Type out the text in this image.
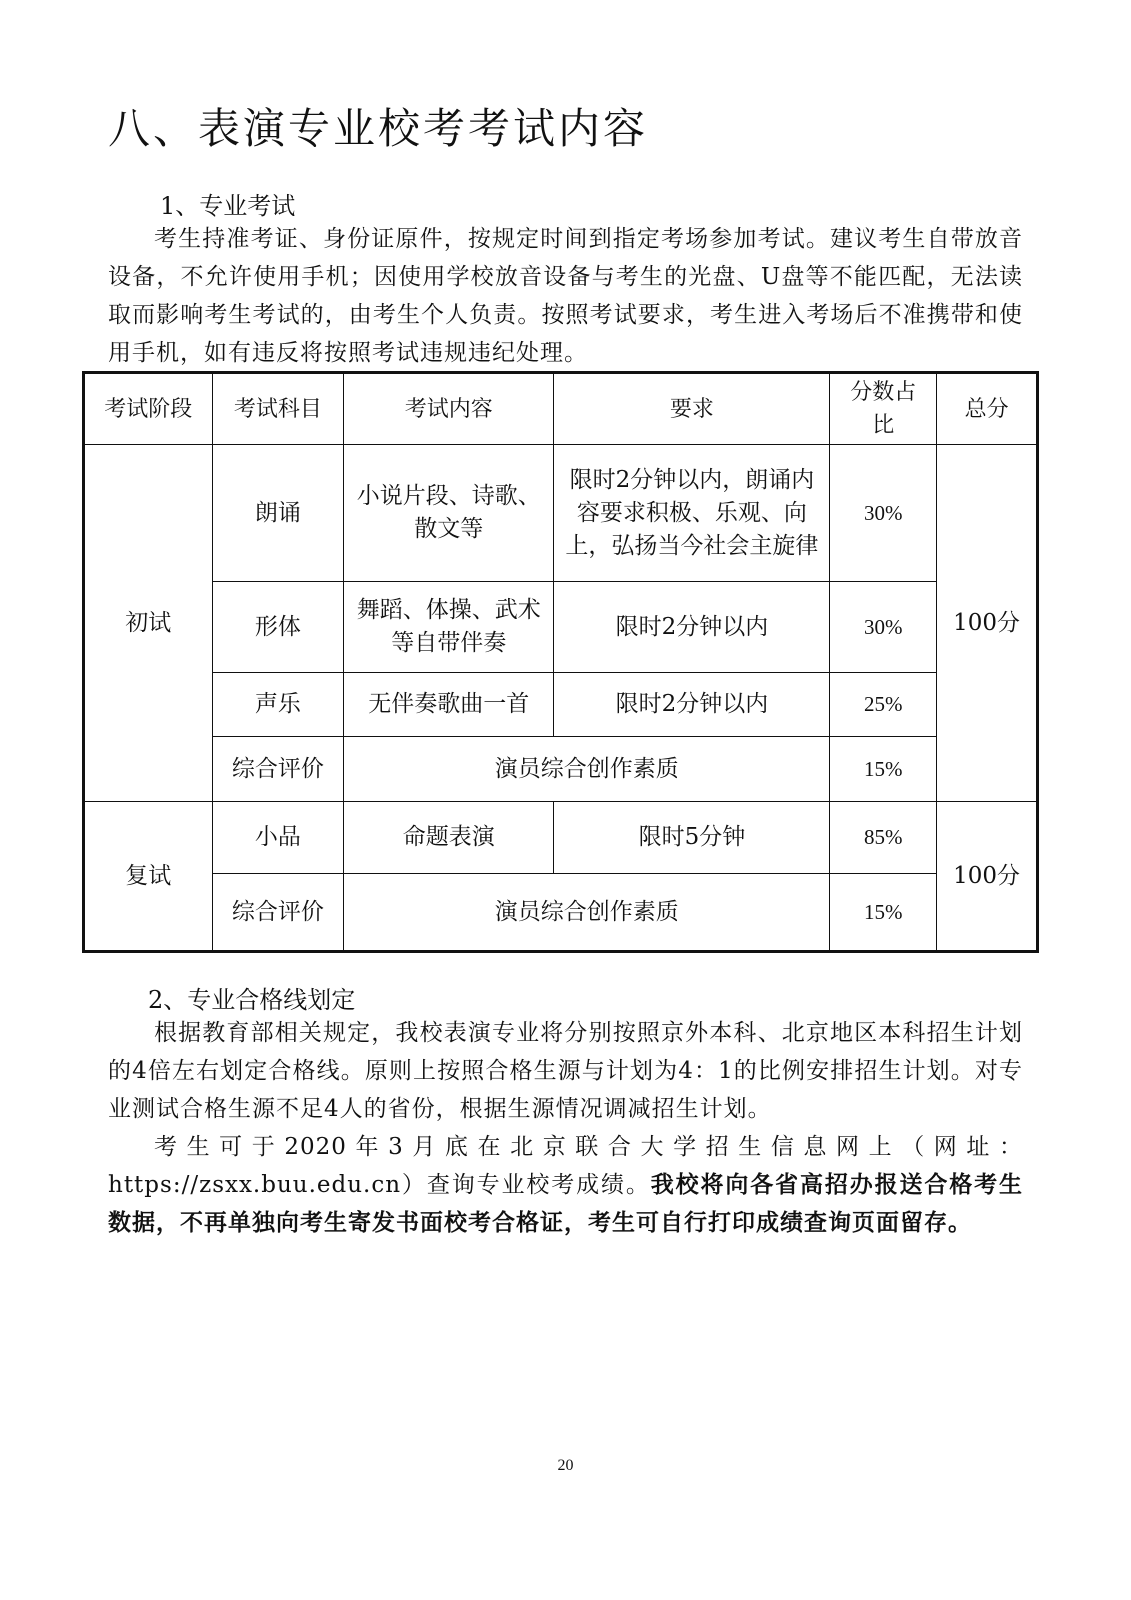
八、表演专业校考考试内容
1、专业考试

考生持准考证、身份证原件，按规定时间到指定考场参加考试。建议考生自带放音设备，不允许使用手机；因使用学校放音设备与考生的光盘、U盘等不能匹配，无法读取而影响考生考试的，由考生个人负责。按照考试要求，考生进入考场后不准携带和使用手机，如有违反将按照考试违规违纪处理。

考试阶段	考试科目	考试内容	要求	分数占比	总分
初试	朗诵	小说片段、诗歌、散文等	限时2分钟以内，朗诵内容要求积极、乐观、向上，弘扬当今社会主旋律	30%	100分
	形体	舞蹈、体操、武术等自带伴奏	限时2分钟以内	30%	
	声乐	无伴奏歌曲一首	限时2分钟以内	25%	
	综合评价	演员综合创作素质		15%	
复试	小品	命题表演	限时5分钟	85%	100分
	综合评价	演员综合创作素质		15%	
2、专业合格线划定

根据教育部相关规定，我校表演专业将分别按照京外本科、北京地区本科招生计划的4倍左右划定合格线。原则上按照合格生源与计划为4：1的比例安排招生计划。对专业测试合格生源不足4人的省份，根据生源情况调减招生计划。

考生可于2020年3月底在北京联合大学招生信息网上（网址：https://zsxx.buu.edu.cn）查询专业校考成绩。我校将向各省高招办报送合格考生数据，不再单独向考生寄发书面校考合格证，考生可自行打印成绩查询页面留存。

20
